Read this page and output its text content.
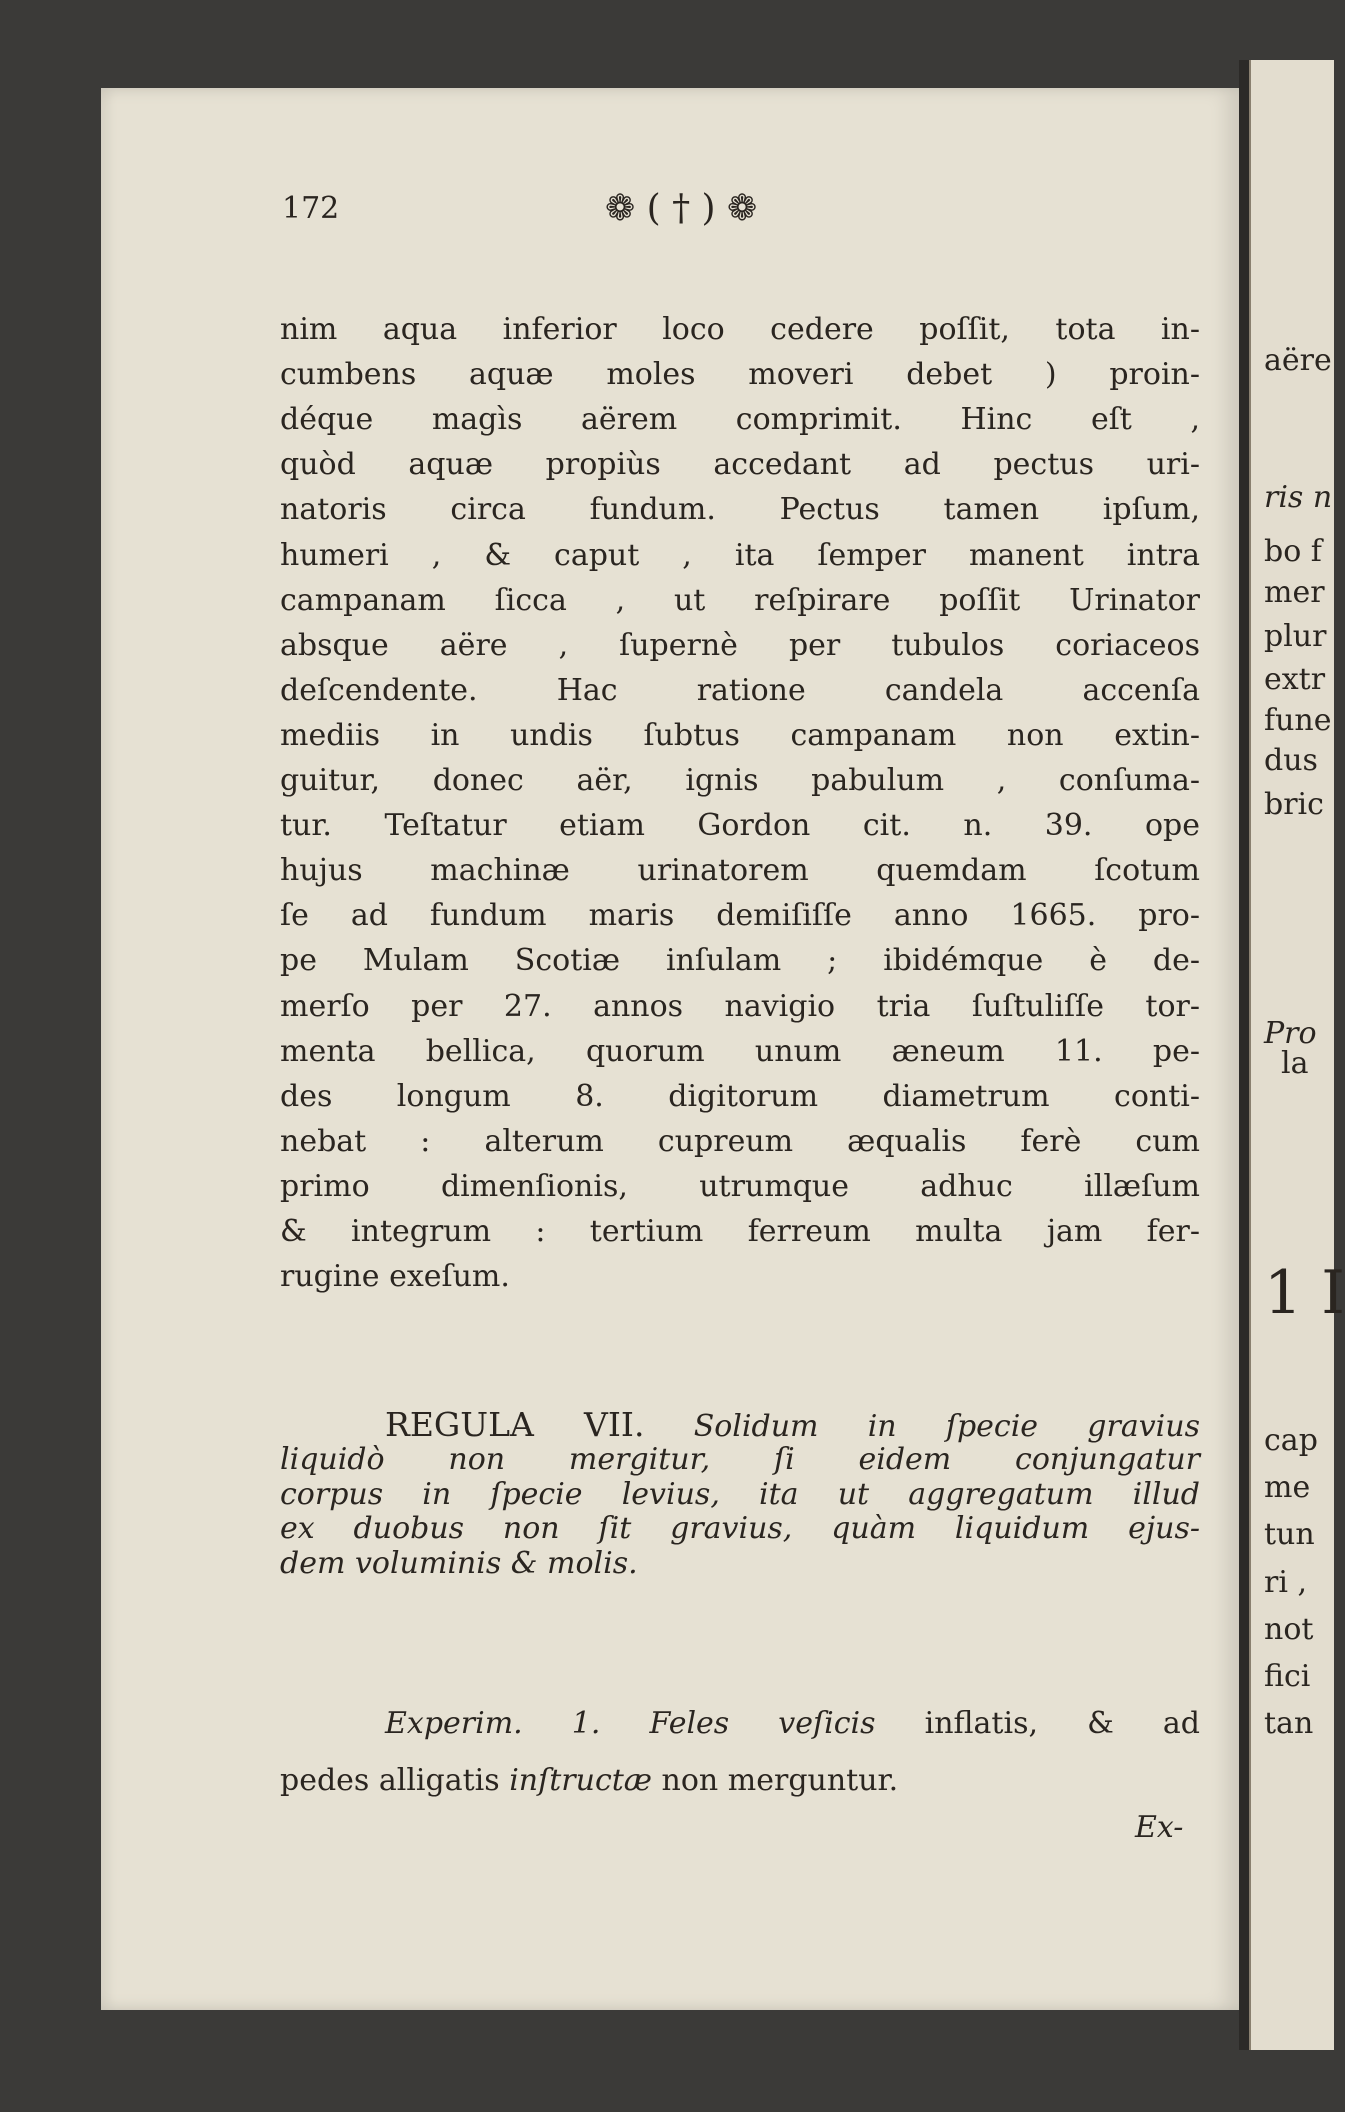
172	❁ ( † ) ❁
nim aqua inferior loco cedere poſſit, tota in-
cumbens aquæ moles moveri debet ) proin-
déque magìs aërem comprimit. Hinc eſt ,
quòd aquæ propiùs accedant ad pectus uri-
natoris circa fundum. Pectus tamen ipſum,
humeri , & caput , ita ſemper manent intra
campanam ſicca , ut reſpirare poſſit Urinator
absque aëre , ſupernè per tubulos coriaceos
deſcendente. Hac ratione candela accenſa
mediis in undis ſubtus campanam non extin-
guitur, donec aër, ignis pabulum , conſuma-
tur. Teſtatur etiam Gordon cit. n. 39. ope
hujus machinæ urinatorem quemdam ſcotum
ſe ad fundum maris demiſiſſe anno 1665. pro-
pe Mulam Scotiæ inſulam ; ibidémque è de-
merſo per 27. annos navigio tria ſuſtuliſſe tor-
menta bellica, quorum unum æneum 11. pe-
des longum 8. digitorum diametrum conti-
nebat : alterum cupreum æqualis ferè cum
primo dimenſionis, utrumque adhuc illæſum
& integrum : tertium ferreum multa jam fer-
rugine exeſum.
REGULA VII. Solidum in ſpecie gravius
liquidò non mergitur, ſi eidem conjungatur
corpus in ſpecie levius, ita ut aggregatum illud
ex duobus non ſit gravius, quàm liquidum ejus-
dem voluminis & molis.
Experim. 1. Feles veſicis inflatis, & ad
pedes alligatis inſtructæ non merguntur.
Ex-
aëre
ris n
bo f
mer
plur
extr
fune
dus
bric
Pro
la
1 I
cap
me
tun
ri ,
not
fici
tan
